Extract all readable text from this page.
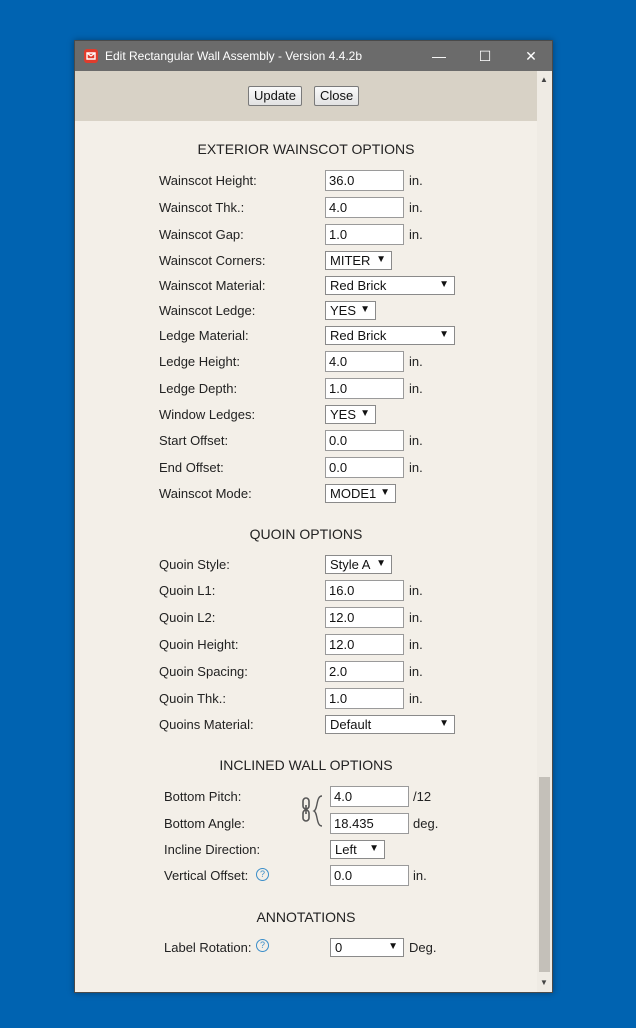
Edit Rectangular Wall Assembly - Version 4.4.2b	—	☐	✕
Update	Close
▲
▼
EXTERIOR WAINSCOT OPTIONS
Wainscot Height:
36.0	in.
Wainscot Thk.:
4.0	in.
Wainscot Gap:
1.0	in.
Wainscot Corners:	MITER ▼
Wainscot Material:	Red Brick	▼
Wainscot Ledge:	YES ▼
Ledge Material:	Red Brick	▼
Ledge Height:
4.0	in.
Ledge Depth:
1.0	in.
Window Ledges:	YES ▼
Start Offset:
0.0	in.
End Offset:
0.0	in.
Wainscot Mode:	MODE1 ▼
QUOIN OPTIONS
Quoin Style:	Style A ▼
Quoin L1:
16.0	in.
Quoin L2:
12.0	in.
Quoin Height:
12.0	in.
Quoin Spacing:
2.0	in.
Quoin Thk.:
1.0	in.
Quoins Material:	Default	▼
INCLINED WALL OPTIONS
Bottom Pitch:
4.0	/12
Bottom Angle:
18.435	deg.
Incline Direction:	Left ▼
Vertical Offset:	?
0.0	in.
ANNOTATIONS
Label Rotation: ?	0	▼ Deg.
